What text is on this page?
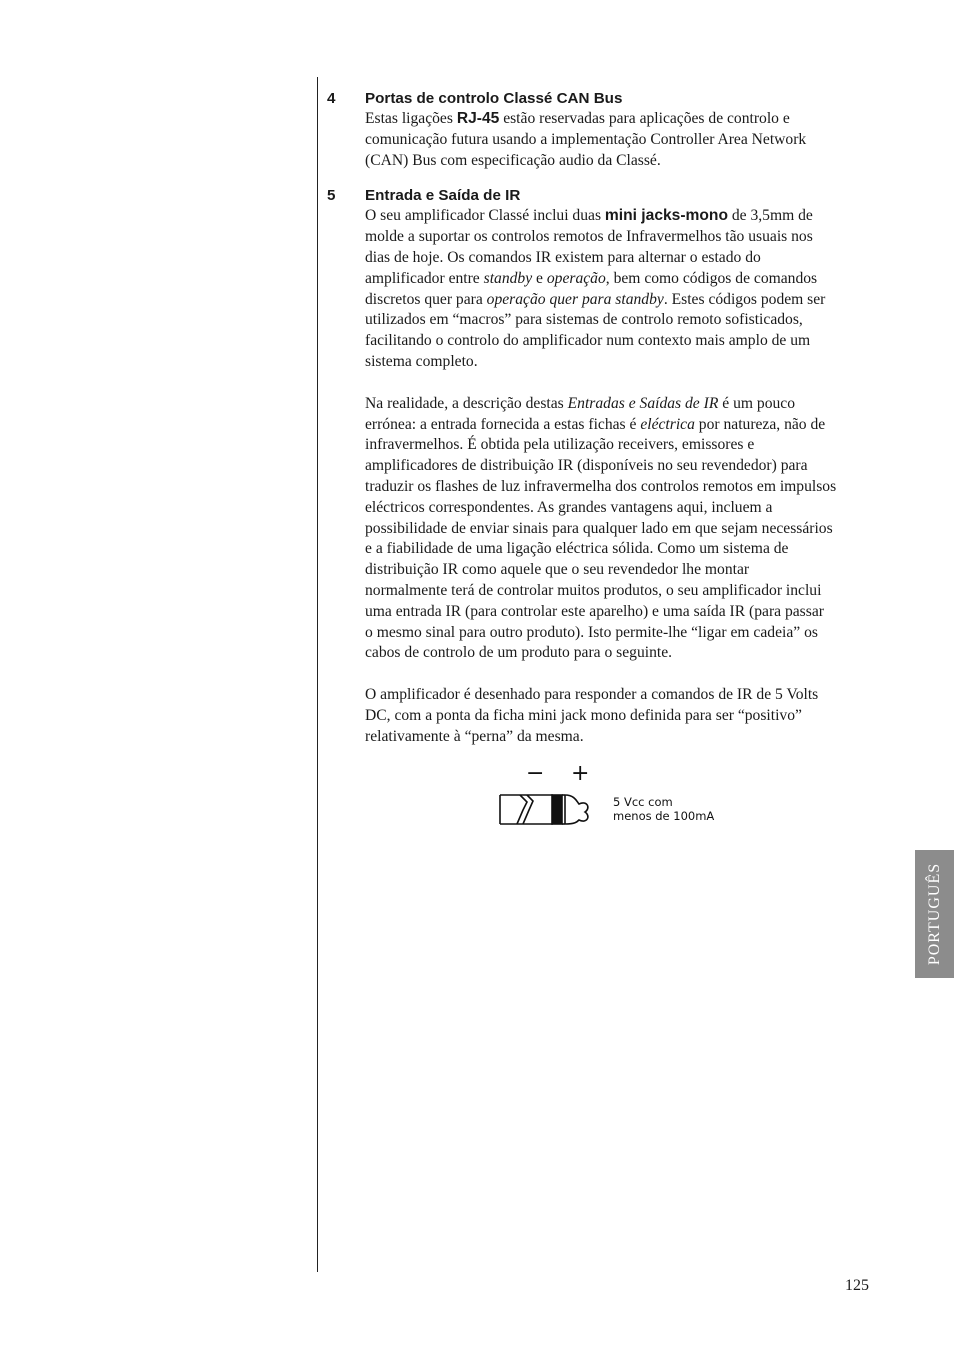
4 Portas de controlo Classé CAN Bus

Estas ligações RJ-45 estão reservadas para aplicações de controlo e
comunicação futura usando a implementação Controller Area Network
(CAN) Bus com especificação audio da Classé.

5 Entrada e Saída de IR

O seu amplificador Classé inclui duas mini jacks-mono de 3,5mm de
molde a suportar os controlos remotos de Infravermelhos tão usuais nos
dias de hoje. Os comandos IR existem para alternar o estado do
amplificador entre standby e operação, bem como códigos de comandos
discretos quer para operação quer para standby. Estes códigos podem ser
utilizados em “macros” para sistemas de controlo remoto sofisticados,
facilitando o controlo do amplificador num contexto mais amplo de um
sistema completo.

Na realidade, a descrição destas Entradas e Saídas de IR é um pouco
errónea: a entrada fornecida a estas fichas é eléctrica por natureza, não de
infravermelhos. É obtida pela utilização receivers, emissores e
amplificadores de distribuição IR (disponíveis no seu revendedor) para
traduzir os flashes de luz infravermelha dos controlos remotos em impulsos
eléctricos correspondentes. As grandes vantagens aqui, incluem a
possibilidade de enviar sinais para qualquer lado em que sejam necessários
e a fiabilidade de uma ligação eléctrica sólida. Como um sistema de
distribuição IR como aquele que o seu revendedor lhe montar
normalmente terá de controlar muitos produtos, o seu amplificador inclui
uma entrada IR (para controlar este aparelho) e uma saída IR (para passar
o mesmo sinal para outro produto). Isto permite-lhe “ligar em cadeia” os
cabos de controlo de um produto para o seguinte.

O amplificador é desenhado para responder a comandos de IR de 5 Volts
DC, com a ponta da ficha mini jack mono definida para ser “positivo”
relativamente à “perna” da mesma.

− +
5 Vcc com
menos de 100mA
PORTUGUÊS
125
